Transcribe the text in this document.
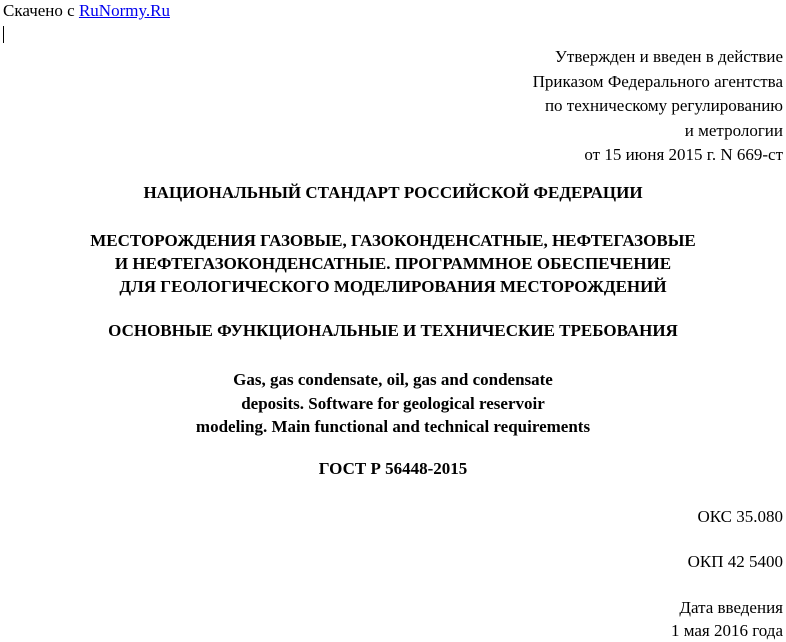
Скачено с RuNormy.Ru
Утвержден и введен в действие
Приказом Федерального агентства
по техническому регулированию
и метрологии
от 15 июня 2015 г. N 669-ст
НАЦИОНАЛЬНЫЙ СТАНДАРТ РОССИЙСКОЙ ФЕДЕРАЦИИ
МЕСТОРОЖДЕНИЯ ГАЗОВЫЕ, ГАЗОКОНДЕНСАТНЫЕ, НЕФТЕГАЗОВЫЕ
И НЕФТЕГАЗОКОНДЕНСАТНЫЕ. ПРОГРАММНОЕ ОБЕСПЕЧЕНИЕ
ДЛЯ ГЕОЛОГИЧЕСКОГО МОДЕЛИРОВАНИЯ МЕСТОРОЖДЕНИЙ
ОСНОВНЫЕ ФУНКЦИОНАЛЬНЫЕ И ТЕХНИЧЕСКИЕ ТРЕБОВАНИЯ
Gas, gas condensate, oil, gas and condensate
deposits. Software for geological reservoir
modeling. Main functional and technical requirements
ГОСТ Р 56448-2015
ОКС 35.080
ОКП 42 5400
Дата введения
1 мая 2016 года
